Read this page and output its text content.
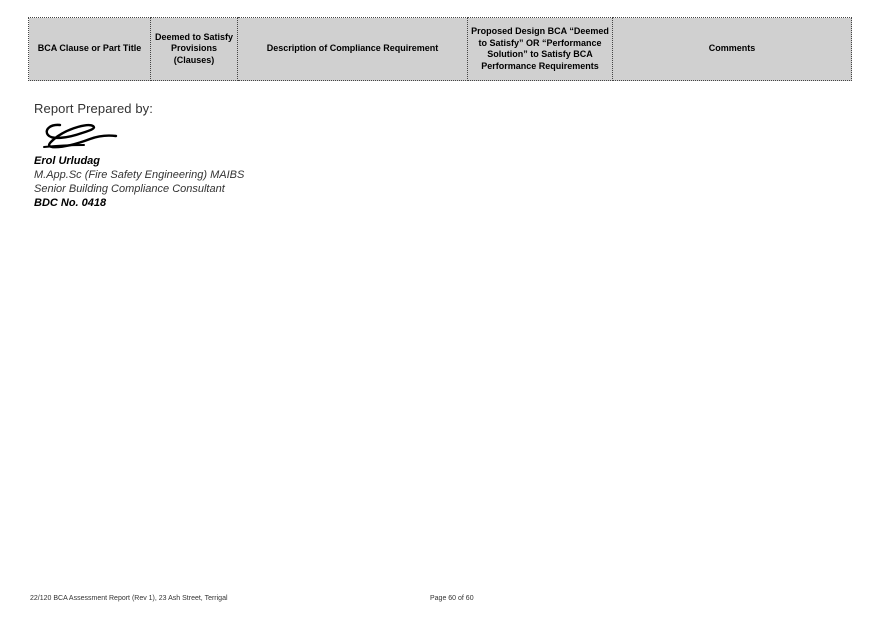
BCA Clause or Part Title	Deemed to Satisfy Provisions (Clauses)	Description of Compliance Requirement	Proposed Design BCA “Deemed to Satisfy” OR “Performance Solution” to Satisfy BCA Performance Requirements	Comments

Report Prepared by:

Erol Urludag

M.App.Sc (Fire Safety Engineering) MAIBS

Senior Building Compliance Consultant

BDC No. 0418

22/120 BCA Assessment Report (Rev 1), 23 Ash Street, Terrigal	Page 60 of 60
